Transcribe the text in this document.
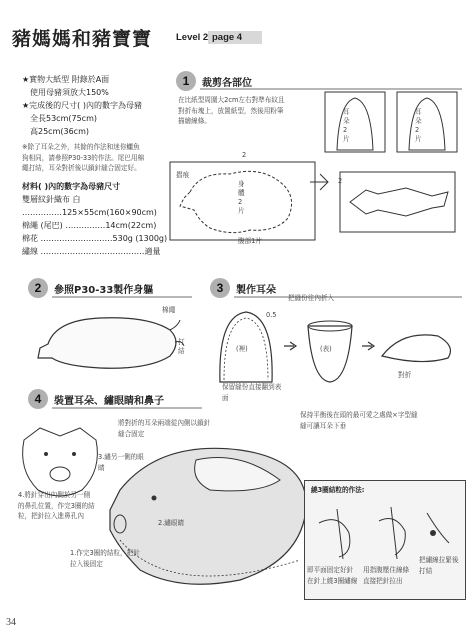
豬媽媽和豬寶寶	Level 2 page 4
★實物大紙型 附錄於A面
使用母豬須放大150%
★完成後的尺寸( )內的數字為母豬
全長53cm(75cm)
高25cm(36cm)
※除了耳朵之外，其餘的作法和迷你鱷魚
狗相同，請參照P30-33的作法。尾巴用棉
繩打結，耳朵對折後以鎖針縫合固定好。
材料( )內的數字為母豬尺寸
雙層紋針織布 白
……………125×55cm(160×90cm)
棉繩 (尾巴) ……………14cm(22cm)
棉花 ………………………530g (1300g)
繡線 …………………………………適量
1	裁剪各部位
在比紙型周圍大2cm左右對準布紋且
對折布塊上，放置紙型，然後用粉筆
描繪線條。
耳朵2片
耳朵2片
摺痕
身體2片
腹部1片
2
2
2	參照P30-33製作身軀
棉繩
打結
3	製作耳朵
把縫份往內折入
(裡)	(表)
0.5
保留縫份直接翻到表面
對折
4	裝置耳朵、繡眼睛和鼻子
將對折的耳朵兩端從內側以鎖針縫合固定
保持平衡後在頭的最可愛之處做×字型縫縫可讓耳朵下垂
3.繡另一側的眼睛
2.繡眼睛
4.將針穿出內側於另一側的鼻孔位置，作完3圈的結粒，把針拉入進鼻孔內
1.作完3圈的結粒，把針拉入後固定
繞3圈結粒的作法:
即平面固定好針在針上繞3圈繡線
用指腹壓住線條直接把針拉出
把繡線拉緊後打結
34
